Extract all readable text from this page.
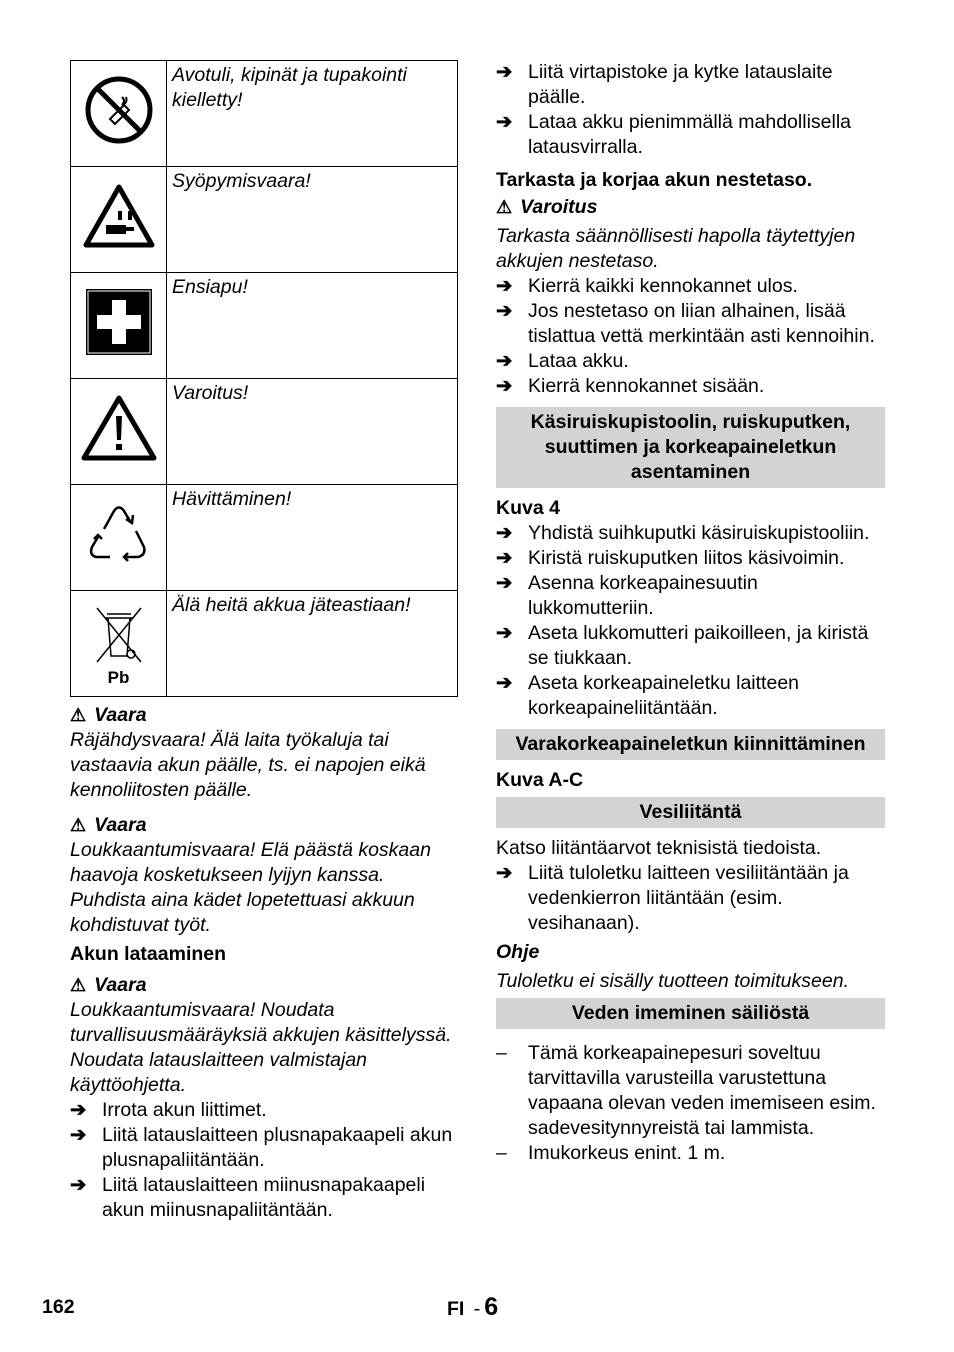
	Avotuli, kipinät ja tupakointi kielletty!
	Syöpymisvaara!
	Ensiapu!
	Varoitus!
	Hävittäminen!

Pb	Älä heitä akkua jäteastiaan!
⚠ Vaara

Räjähdysvaara! Älä laita työkaluja tai vastaavia akun päälle, ts. ei napojen eikä kennoliitosten päälle.

⚠ Vaara

Loukkaantumisvaara! Elä päästä koskaan haavoja kosketukseen lyijyn kanssa. Puhdista aina kädet lopetettuasi akkuun kohdistuvat työt.

Akun lataaminen

⚠ Vaara

Loukkaantumisvaara! Noudata turvallisuusmääräyksiä akkujen käsittelyssä. Noudata latauslaitteen valmistajan käyttöohjetta.

➔ Irrota akun liittimet.
➔ Liitä latauslaitteen plusnapakaapeli akun plusnapaliitäntään.
➔ Liitä latauslaitteen miinusnapakaapeli akun miinusnapaliitäntään.
➔ Liitä virtapistoke ja kytke latauslaite päälle.
➔ Lataa akku pienimmällä mahdollisella latausvirralla.

Tarkasta ja korjaa akun nestetaso.

⚠ Varoitus

Tarkasta säännöllisesti hapolla täytettyjen akkujen nestetaso.

➔ Kierrä kaikki kennokannet ulos.
➔ Jos nestetaso on liian alhainen, lisää tislattua vettä merkintään asti kennoihin.
➔ Lataa akku.
➔ Kierrä kennokannet sisään.

Käsiruiskupistoolin, ruiskuputken, suuttimen ja korkeapaineletkun asentaminen

Kuva 4

➔ Yhdistä suihkuputki käsiruiskupistooliin.
➔ Kiristä ruiskuputken liitos käsivoimin.
➔ Asenna korkeapainesuutin lukkomutteriin.
➔ Aseta lukkomutteri paikoilleen, ja kiristä se tiukkaan.
➔ Aseta korkeapaineletku laitteen korkeapaineliitäntään.

Varakorkeapaineletkun kiinnittäminen

Kuva A-C

Vesiliitäntä

Katso liitäntäarvot teknisistä tiedoista.

➔ Liitä tuloletku laitteen vesiliitäntään ja vedenkierron liitäntään (esim. vesihanaan).

Ohje

Tuloletku ei sisälly tuotteen toimitukseen.

Veden imeminen säiliöstä

–	Tämä korkeapainepesuri soveltuu tarvittavilla varusteilla varustettuna vapaana olevan veden imemiseen esim. sadevesitynnyreistä tai lammista.
–	Imukorkeus enint. 1 m.
162	FI - 6
